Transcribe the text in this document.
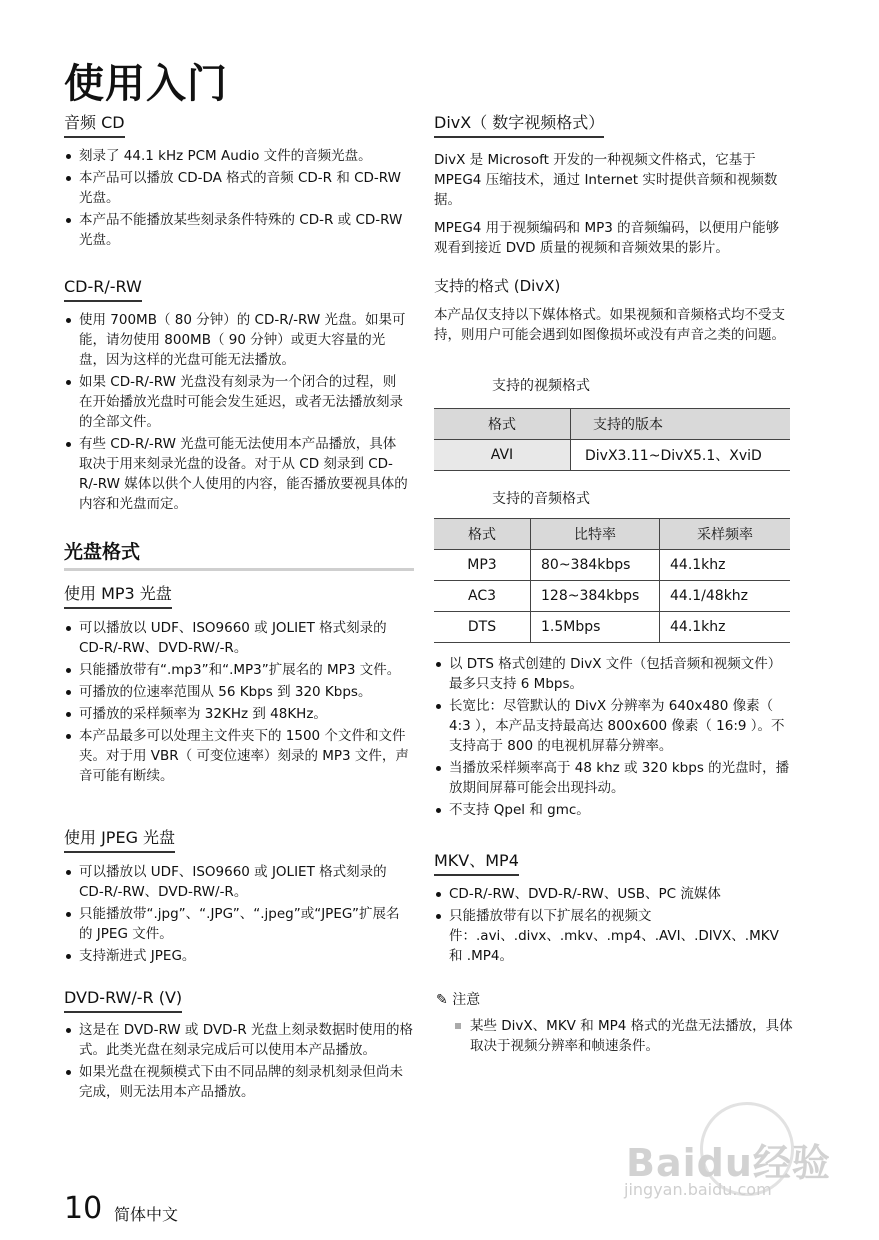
使用入门
音频 CD
刻录了 44.1 kHz PCM Audio 文件的音频光盘。
本产品可以播放 CD-DA 格式的音频 CD-R 和 CD-RW 光盘。
本产品不能播放某些刻录条件特殊的 CD-R 或 CD-RW 光盘。
CD-R/-RW
使用 700MB（ 80 分钟）的 CD-R/-RW 光盘。如果可能，请勿使用 800MB（ 90 分钟）或更大容量的光盘，因为这样的光盘可能无法播放。
如果 CD-R/-RW 光盘没有刻录为一个闭合的过程，则在开始播放光盘时可能会发生延迟，或者无法播放刻录的全部文件。
有些 CD-R/-RW 光盘可能无法使用本产品播放，具体取决于用来刻录光盘的设备。对于从 CD 刻录到 CD-R/-RW 媒体以供个人使用的内容，能否播放要视具体的内容和光盘而定。
光盘格式
使用 MP3 光盘
可以播放以 UDF、ISO9660 或 JOLIET 格式刻录的 CD-R/-RW、DVD-RW/-R。
只能播放带有“.mp3”和“.MP3”扩展名的 MP3 文件。
可播放的位速率范围从 56 Kbps 到 320 Kbps。
可播放的采样频率为 32KHz 到 48KHz。
本产品最多可以处理主文件夹下的 1500 个文件和文件夹。对于用 VBR（ 可变位速率）刻录的 MP3 文件，声音可能有断续。
使用 JPEG 光盘
可以播放以 UDF、ISO9660 或 JOLIET 格式刻录的 CD-R/-RW、DVD-RW/-R。
只能播放带“.jpg”、“.JPG”、“.jpeg”或“JPEG”扩展名的 JPEG 文件。
支持渐进式 JPEG。
DVD-RW/-R (V)
这是在 DVD-RW 或 DVD-R 光盘上刻录数据时使用的格式。此类光盘在刻录完成后可以使用本产品播放。
如果光盘在视频模式下由不同品牌的刻录机刻录但尚未完成，则无法用本产品播放。
DivX（ 数字视频格式）

DivX 是 Microsoft 开发的一种视频文件格式，它基于 MPEG4 压缩技术，通过 Internet 实时提供音频和视频数据。

MPEG4 用于视频编码和 MP3 的音频编码，以便用户能够观看到接近 DVD 质量的视频和音频效果的影片。

支持的格式 (DivX)

本产品仅支持以下媒体格式。如果视频和音频格式均不受支持，则用户可能会遇到如图像损坏或没有声音之类的问题。

支持的视频格式
格式	支持的版本
AVI	DivX3.11~DivX5.1、XviD
支持的音频格式
格式	比特率	采样频率
MP3	80~384kbps	44.1khz
AC3	128~384kbps	44.1/48khz
DTS	1.5Mbps	44.1khz
以 DTS 格式创建的 DivX 文件（包括音频和视频文件）最多只支持 6 Mbps。
长宽比：尽管默认的 DivX 分辨率为 640x480 像素（ 4:3 ），本产品支持最高达 800x600 像素（ 16:9 ）。不支持高于 800 的电视机屏幕分辨率。
当播放采样频率高于 48 khz 或 320 kbps 的光盘时，播放期间屏幕可能会出现抖动。
不支持 Qpel 和 gmc。
MKV、MP4
CD-R/-RW、DVD-R/-RW、USB、PC 流媒体
只能播放带有以下扩展名的视频文件：.avi、.divx、.mkv、.mp4、.AVI、.DIVX、.MKV 和 .MP4。
✎ 注意
某些 DivX、MKV 和 MP4 格式的光盘无法播放，具体取决于视频分辨率和帧速条件。
10 简体中文
Baidu经验
jingyan.baidu.com
